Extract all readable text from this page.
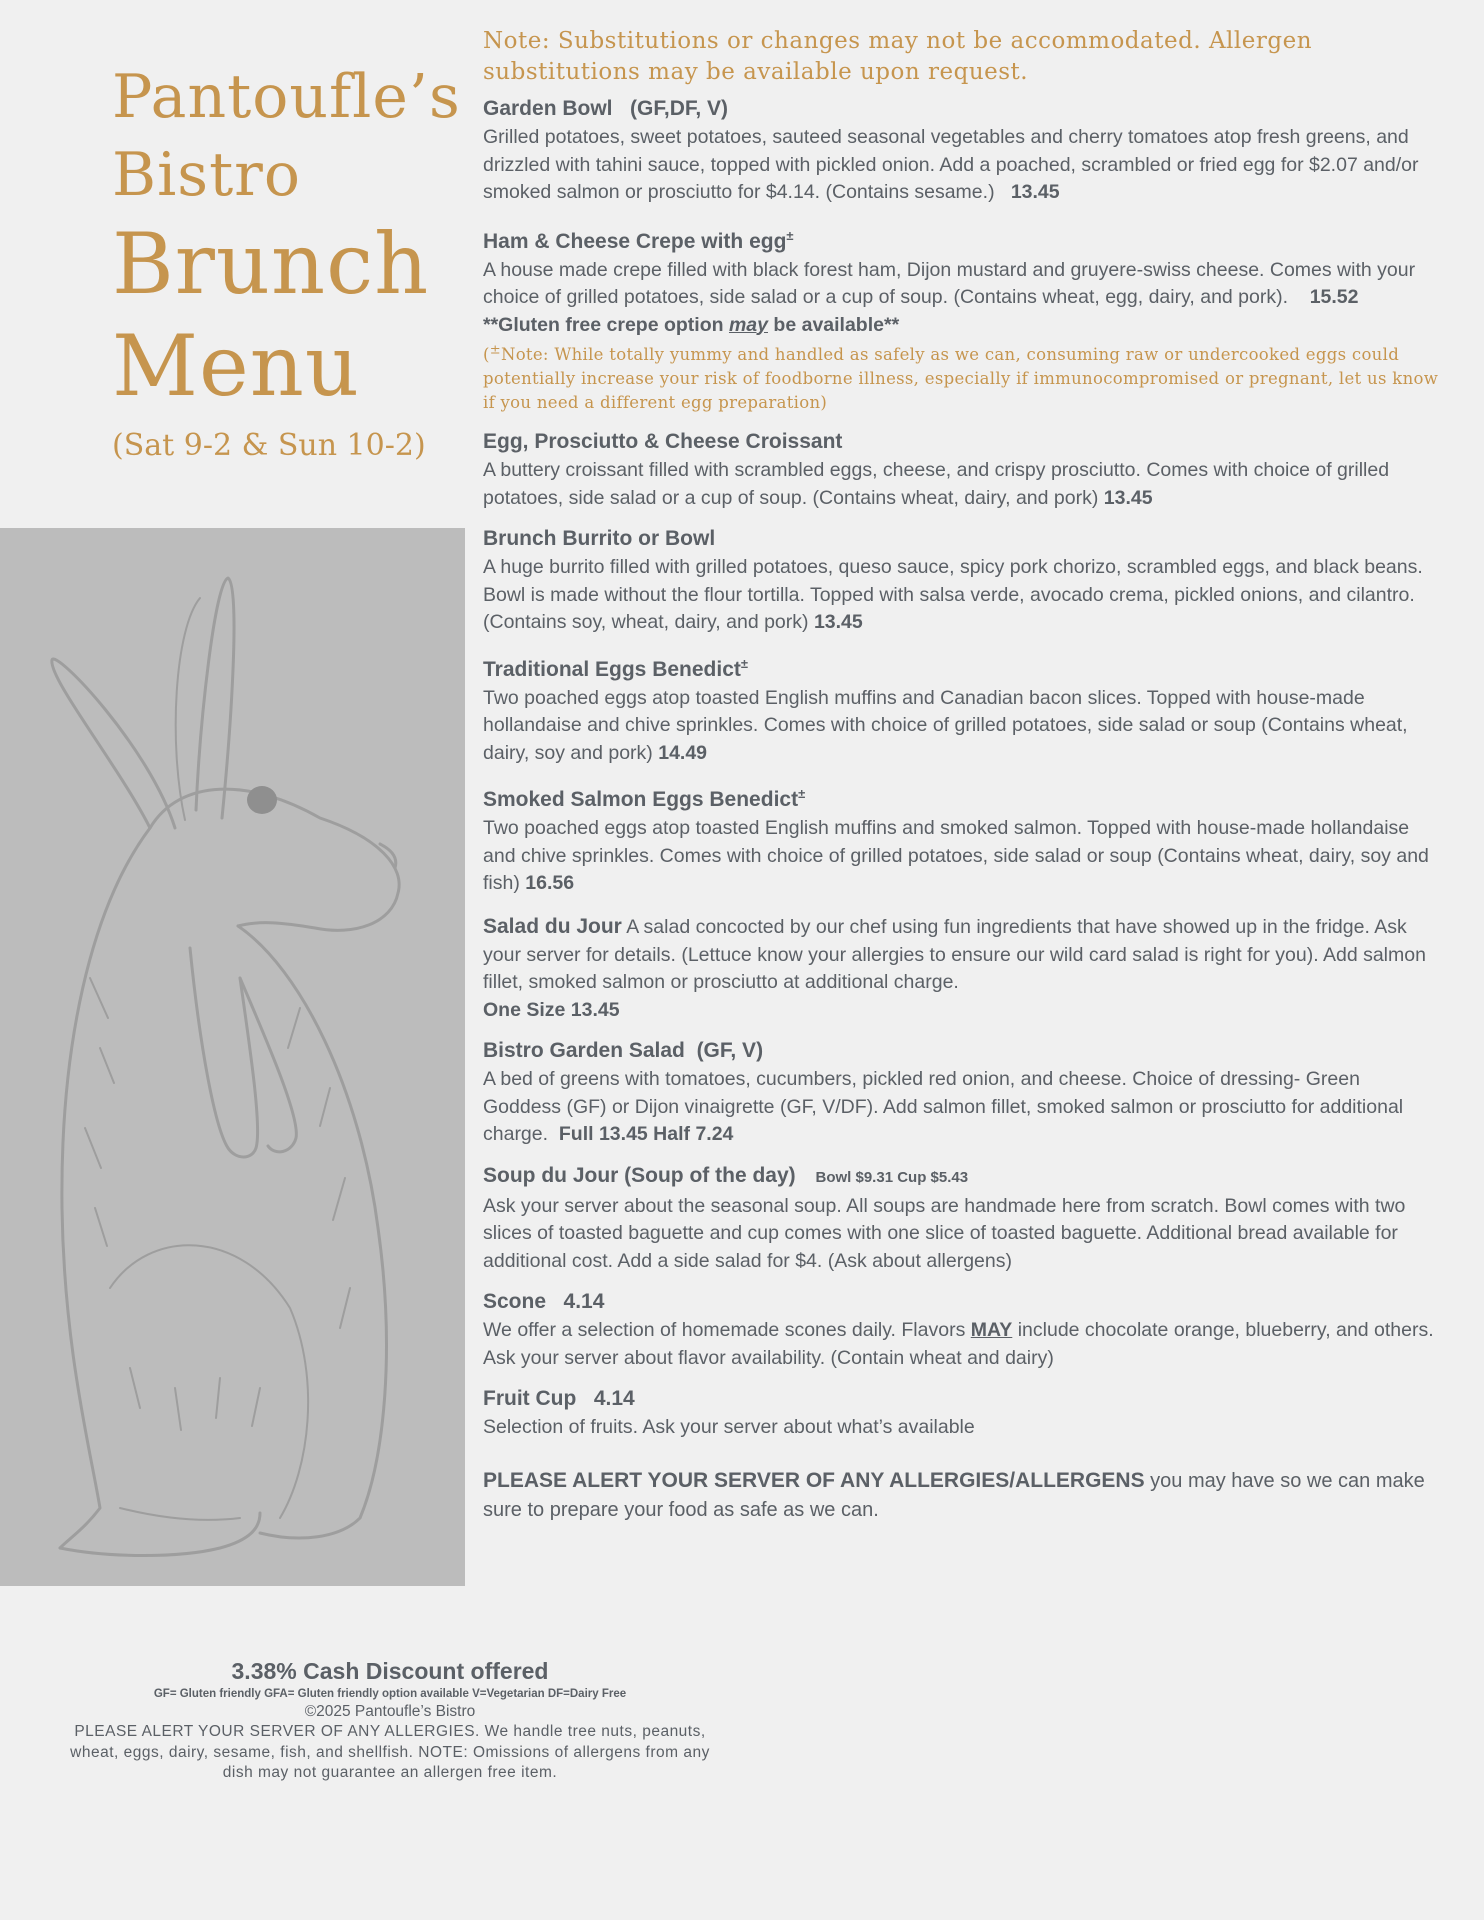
Pantoufle’s
Bistro
Brunch
Menu
(Sat 9-2 & Sun 10-2)
Note: Substitutions or changes may not be accommodated. Allergen substitutions may be available upon request.
Garden Bowl (GF,DF, V)
Grilled potatoes, sweet potatoes, sauteed seasonal vegetables and cherry tomatoes atop fresh greens, and drizzled with tahini sauce, topped with pickled onion. Add a poached, scrambled or fried egg for $2.07 and/or smoked salmon or prosciutto for $4.14. (Contains sesame.) 13.45
Ham & Cheese Crepe with egg±
A house made crepe filled with black forest ham, Dijon mustard and gruyere-swiss cheese. Comes with your choice of grilled potatoes, side salad or a cup of soup. (Contains wheat, egg, dairy, and pork). 15.52   **Gluten free crepe option may be available**
(±Note: While totally yummy and handled as safely as we can, consuming raw or undercooked eggs could potentially increase your risk of foodborne illness, especially if immunocompromised or pregnant, let us know if you need a different egg preparation)
Egg, Prosciutto & Cheese Croissant
A buttery croissant filled with scrambled eggs, cheese, and crispy prosciutto. Comes with choice of grilled potatoes, side salad or a cup of soup. (Contains wheat, dairy, and pork) 13.45
Brunch Burrito or Bowl
A huge burrito filled with grilled potatoes, queso sauce, spicy pork chorizo, scrambled eggs, and black beans. Bowl is made without the flour tortilla. Topped with salsa verde, avocado crema, pickled onions, and cilantro. (Contains soy, wheat, dairy, and pork) 13.45
Traditional Eggs Benedict±
Two poached eggs atop toasted English muffins and Canadian bacon slices. Topped with house-made hollandaise and chive sprinkles. Comes with choice of grilled potatoes, side salad or soup (Contains wheat, dairy, soy and pork) 14.49
Smoked Salmon Eggs Benedict±
Two poached eggs atop toasted English muffins and smoked salmon. Topped with house-made hollandaise and chive sprinkles. Comes with choice of grilled potatoes, side salad or soup (Contains wheat, dairy, soy and fish) 16.56
Salad du Jour A salad concocted by our chef using fun ingredients that have showed up in the fridge. Ask your server for details. (Lettuce know your allergies to ensure our wild card salad is right for you). Add salmon fillet, smoked salmon or prosciutto at additional charge.
One Size 13.45
Bistro Garden Salad (GF, V)
A bed of greens with tomatoes, cucumbers, pickled red onion, and cheese. Choice of dressing- Green Goddess (GF) or Dijon vinaigrette (GF, V/DF). Add salmon fillet, smoked salmon or prosciutto for additional charge. Full 13.45 Half 7.24
Soup du Jour (Soup of the day) Bowl $9.31 Cup $5.43
Ask your server about the seasonal soup. All soups are handmade here from scratch. Bowl comes with two slices of toasted baguette and cup comes with one slice of toasted baguette. Additional bread available for additional cost. Add a side salad for $4. (Ask about allergens)
Scone 4.14
We offer a selection of homemade scones daily. Flavors MAY include chocolate orange, blueberry, and others. Ask your server about flavor availability. (Contain wheat and dairy)
Fruit Cup 4.14
Selection of fruits. Ask your server about what’s available
PLEASE ALERT YOUR SERVER OF ANY ALLERGIES/ALLERGENS you may have so we can make sure to prepare your food as safe as we can.
3.38% Cash Discount offered
GF= Gluten friendly GFA= Gluten friendly option available V=Vegetarian DF=Dairy Free
©2025 Pantoufle’s Bistro
PLEASE ALERT YOUR SERVER OF ANY ALLERGIES. We handle tree nuts, peanuts, wheat, eggs, dairy, sesame, fish, and shellfish. NOTE: Omissions of allergens from any dish may not guarantee an allergen free item.
